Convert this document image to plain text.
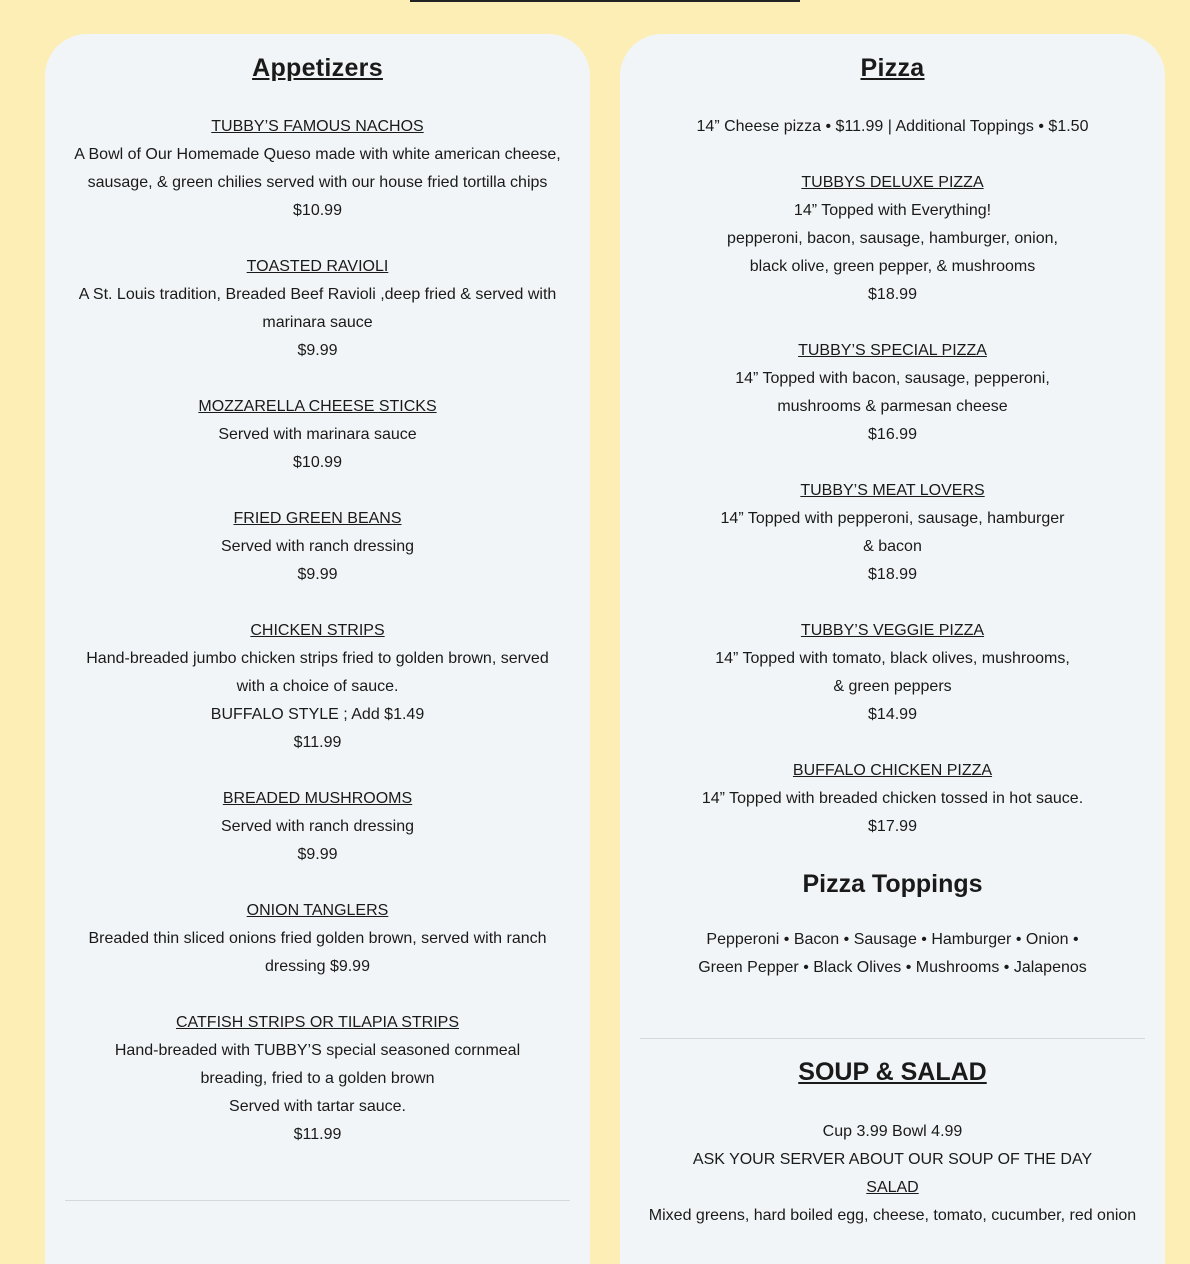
Appetizers
TUBBY’S FAMOUS NACHOS
A Bowl of Our Homemade Queso made with white american cheese,
sausage, & green chilies served with our house fried tortilla chips
$10.99
TOASTED RAVIOLI
A St. Louis tradition, Breaded Beef Ravioli ,deep fried & served with
marinara sauce
$9.99
MOZZARELLA CHEESE STICKS
Served with marinara sauce
$10.99
FRIED GREEN BEANS
Served with ranch dressing
$9.99
CHICKEN STRIPS
Hand-breaded jumbo chicken strips fried to golden brown, served
with a choice of sauce.
BUFFALO STYLE ; Add $1.49
$11.99
BREADED MUSHROOMS
Served with ranch dressing
$9.99
ONION TANGLERS
Breaded thin sliced onions fried golden brown, served with ranch
dressing $9.99
CATFISH STRIPS OR TILAPIA STRIPS
Hand-breaded with TUBBY’S special seasoned cornmeal
breading, fried to a golden brown
Served with tartar sauce.
$11.99
Pizza
14” Cheese pizza • $11.99 | Additional Toppings • $1.50
TUBBYS DELUXE PIZZA
14” Topped with Everything!
pepperoni, bacon, sausage, hamburger, onion,
black olive, green pepper, & mushrooms
$18.99
TUBBY’S SPECIAL PIZZA
14” Topped with bacon, sausage, pepperoni,
mushrooms & parmesan cheese
$16.99
TUBBY’S MEAT LOVERS
14” Topped with pepperoni, sausage, hamburger
& bacon
$18.99
TUBBY’S VEGGIE PIZZA
14” Topped with tomato, black olives, mushrooms,
& green peppers
$14.99
BUFFALO CHICKEN PIZZA
14” Topped with breaded chicken tossed in hot sauce.
$17.99
Pizza Toppings
Pepperoni • Bacon • Sausage • Hamburger • Onion •
Green Pepper • Black Olives • Mushrooms • Jalapenos
SOUP & SALAD
Cup 3.99 Bowl 4.99
ASK YOUR SERVER ABOUT OUR SOUP OF THE DAY
SALAD
Mixed greens, hard boiled egg, cheese, tomato, cucumber, red onion
